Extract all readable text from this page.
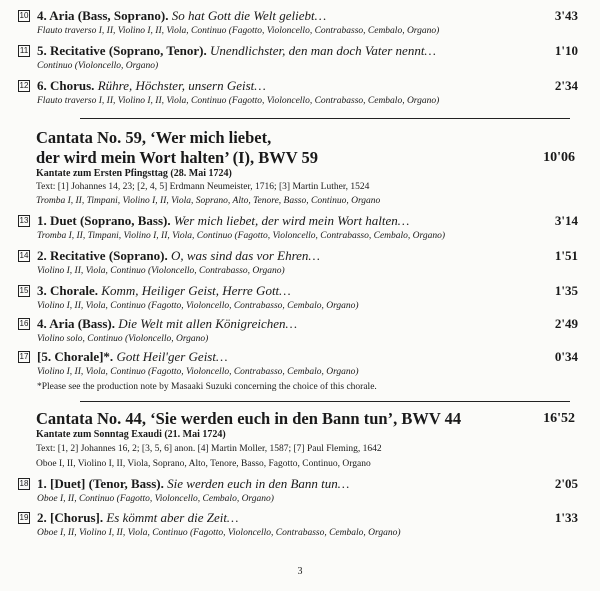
10 4. Aria (Bass, Soprano). So hat Gott die Welt geliebt…	3'43
Flauto traverso I, II, Violino I, II, Viola, Continuo (Fagotto, Violoncello, Contrabasso, Cembalo, Organo)
11 5. Recitative (Soprano, Tenor). Unendlichster, den man doch Vater nennt…	1'10
Continuo (Violoncello, Organo)
12 6. Chorus. Rühre, Höchster, unsern Geist…	2'34
Flauto traverso I, II, Violino I, II, Viola, Continuo (Fagotto, Violoncello, Contrabasso, Cembalo, Organo)
Cantata No. 59, ‘Wer mich liebet,
der wird mein Wort halten’ (I), BWV 59	10'06
Kantate zum Ersten Pfingsttag (28. Mai 1724)
Text: [1] Johannes 14, 23; [2, 4, 5] Erdmann Neumeister, 1716; [3] Martin Luther, 1524
Tromba I, II, Timpani, Violino I, II, Viola, Soprano, Alto, Tenore, Basso, Continuo, Organo
13 1. Duet (Soprano, Bass). Wer mich liebet, der wird mein Wort halten…	3'14
Tromba I, II, Timpani, Violino I, II, Viola, Continuo (Fagotto, Violoncello, Contrabasso, Cembalo, Organo)
14 2. Recitative (Soprano). O, was sind das vor Ehren…	1'51
Violino I, II, Viola, Continuo (Violoncello, Contrabasso, Organo)
15 3. Chorale. Komm, Heiliger Geist, Herre Gott…	1'35
Violino I, II, Viola, Continuo (Fagotto, Violoncello, Contrabasso, Cembalo, Organo)
16 4. Aria (Bass). Die Welt mit allen Königreichen…	2'49
Violino solo, Continuo (Violoncello, Organo)
17 [5. Chorale]*. Gott Heil'ger Geist…	0'34
Violino I, II, Viola, Continuo (Fagotto, Violoncello, Contrabasso, Cembalo, Organo)
*Please see the production note by Masaaki Suzuki concerning the choice of this chorale.
Cantata No. 44, ‘Sie werden euch in den Bann tun’, BWV 44	16'52
Kantate zum Sonntag Exaudi (21. Mai 1724)
Text: [1, 2] Johannes 16, 2; [3, 5, 6] anon. [4] Martin Moller, 1587; [7] Paul Fleming, 1642
Oboe I, II, Violino I, II, Viola, Soprano, Alto, Tenore, Basso, Fagotto, Continuo, Organo
18 1. [Duet] (Tenor, Bass). Sie werden euch in den Bann tun…	2'05
Oboe I, II, Continuo (Fagotto, Violoncello, Cembalo, Organo)
19 2. [Chorus]. Es kömmt aber die Zeit…	1'33
Oboe I, II, Violino I, II, Viola, Continuo (Fagotto, Violoncello, Contrabasso, Cembalo, Organo)
3
